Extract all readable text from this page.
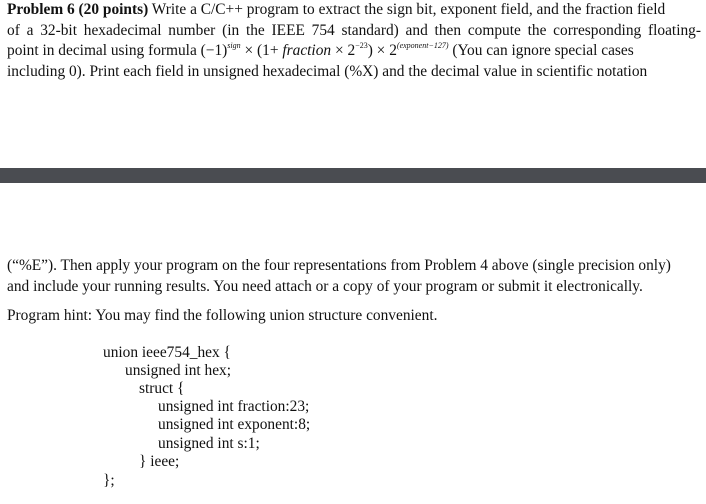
Problem 6 (20 points) Write a C/C++ program to extract the sign bit, exponent field, and the fraction field
of a 32-bit hexadecimal number (in the IEEE 754 standard) and then compute the corresponding floating-
point in decimal using formula $(-1)^{sign} \times (1+$ fraction × $2^{-23}) \times 2^{(exponent-127)}$ (You can ignore special cases
including 0). Print each field in unsigned hexadecimal (%X) and the decimal value in scientific notation
(“%E”). Then apply your program on the four representations from Problem 4 above (single precision only)
and include your running results. You need attach or a copy of your program or submit it electronically.
Program hint: You may find the following union structure convenient.
union ieee754_hex {
unsigned int hex;
struct {
unsigned int fraction:23;
unsigned int exponent:8;
unsigned int s:1;
} ieee;
};
